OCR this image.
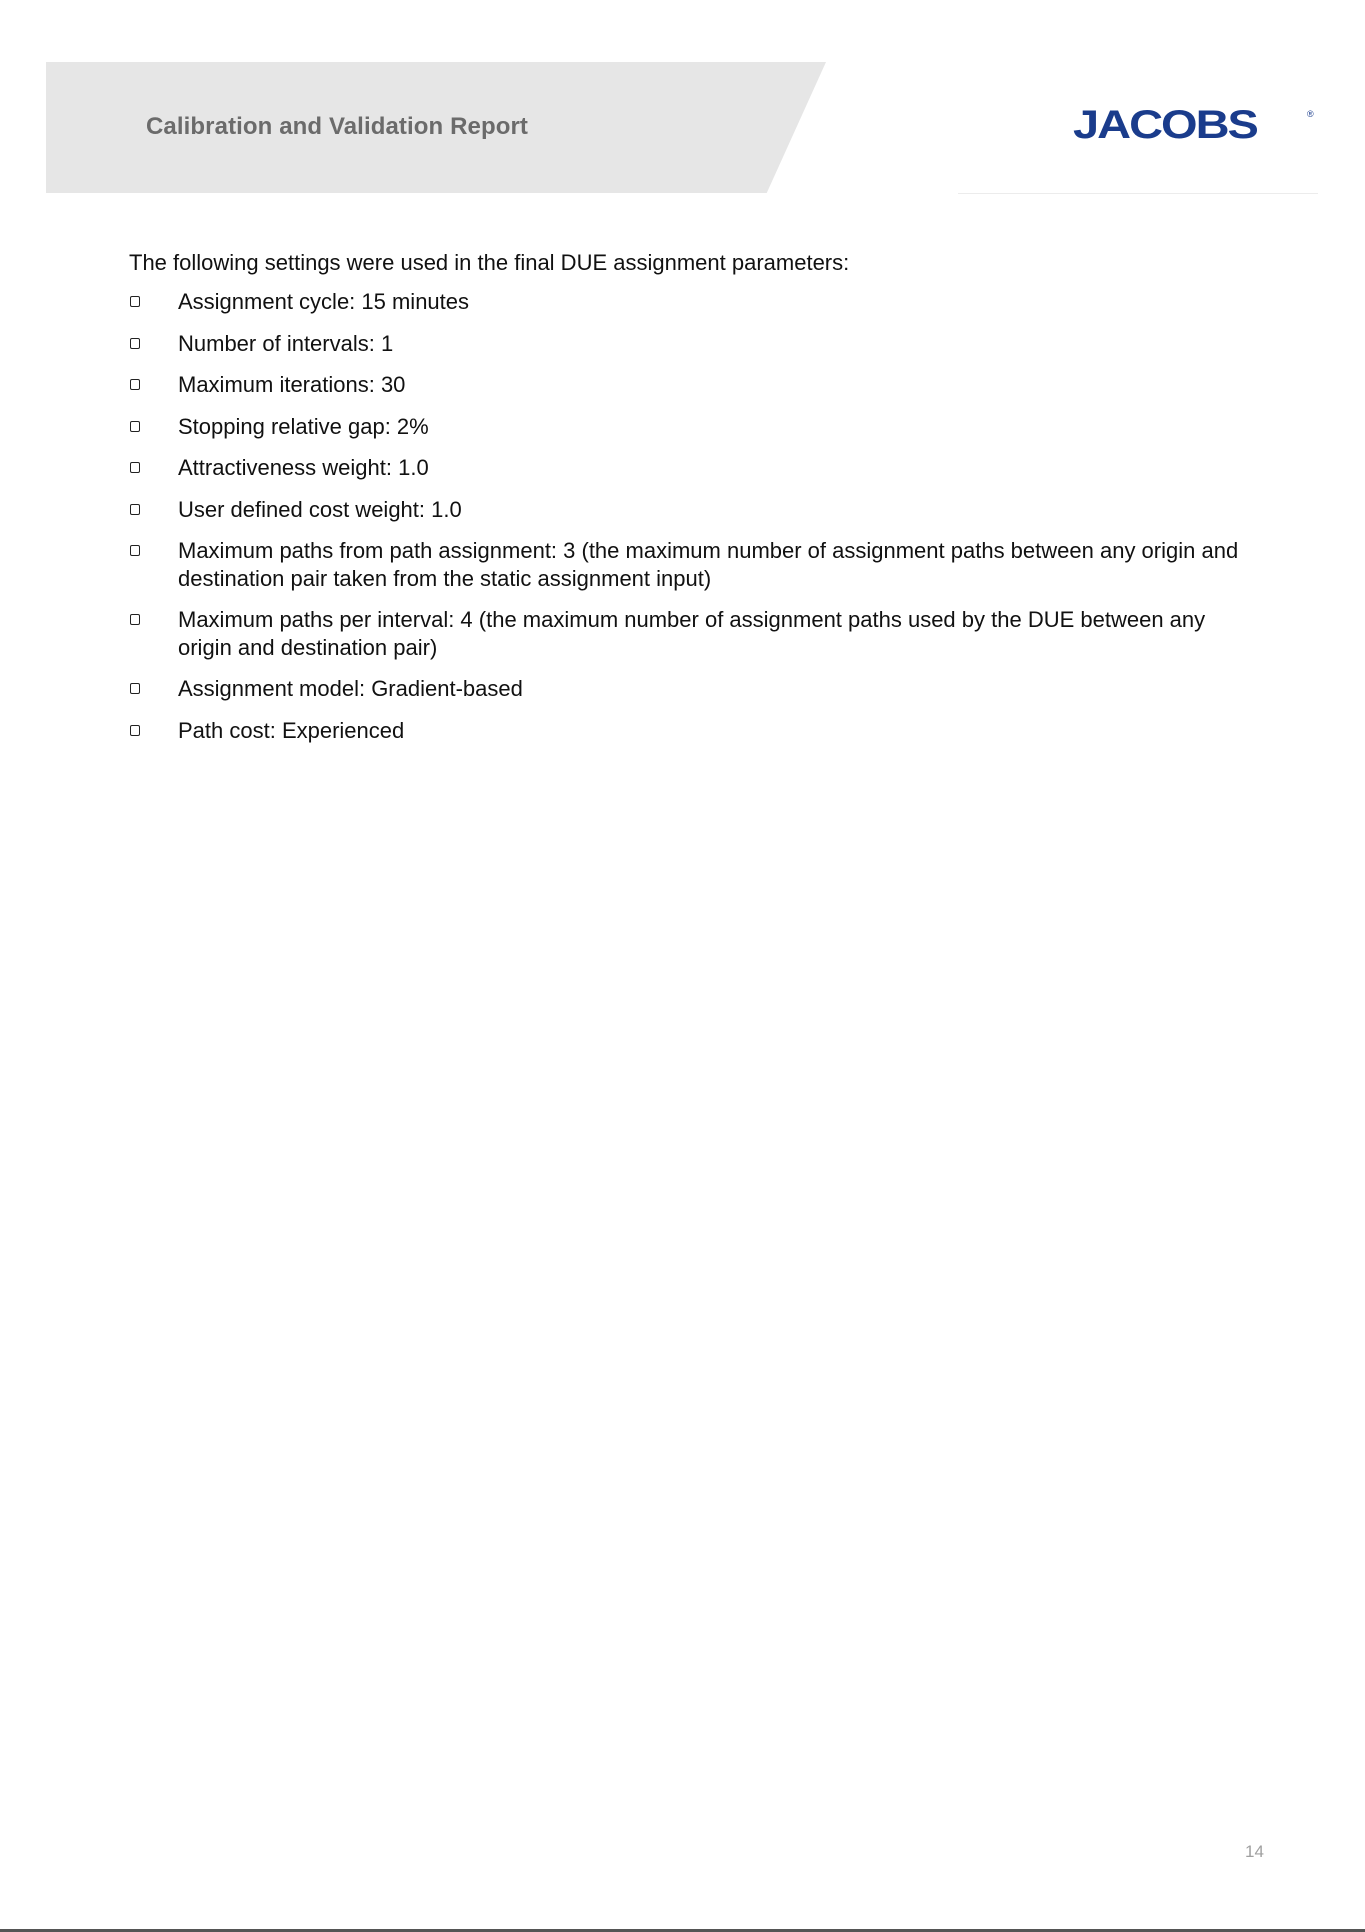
Calibration and Validation Report	JACOBS	®
The following settings were used in the final DUE assignment parameters:
Assignment cycle: 15 minutes
Number of intervals: 1
Maximum iterations: 30
Stopping relative gap: 2%
Attractiveness weight: 1.0
User defined cost weight: 1.0
Maximum paths from path assignment: 3 (the maximum number of assignment paths between any origin and destination pair taken from the static assignment input)
Maximum paths per interval: 4 (the maximum number of assignment paths used by the DUE between any origin and destination pair)
Assignment model: Gradient-based
Path cost: Experienced
14
